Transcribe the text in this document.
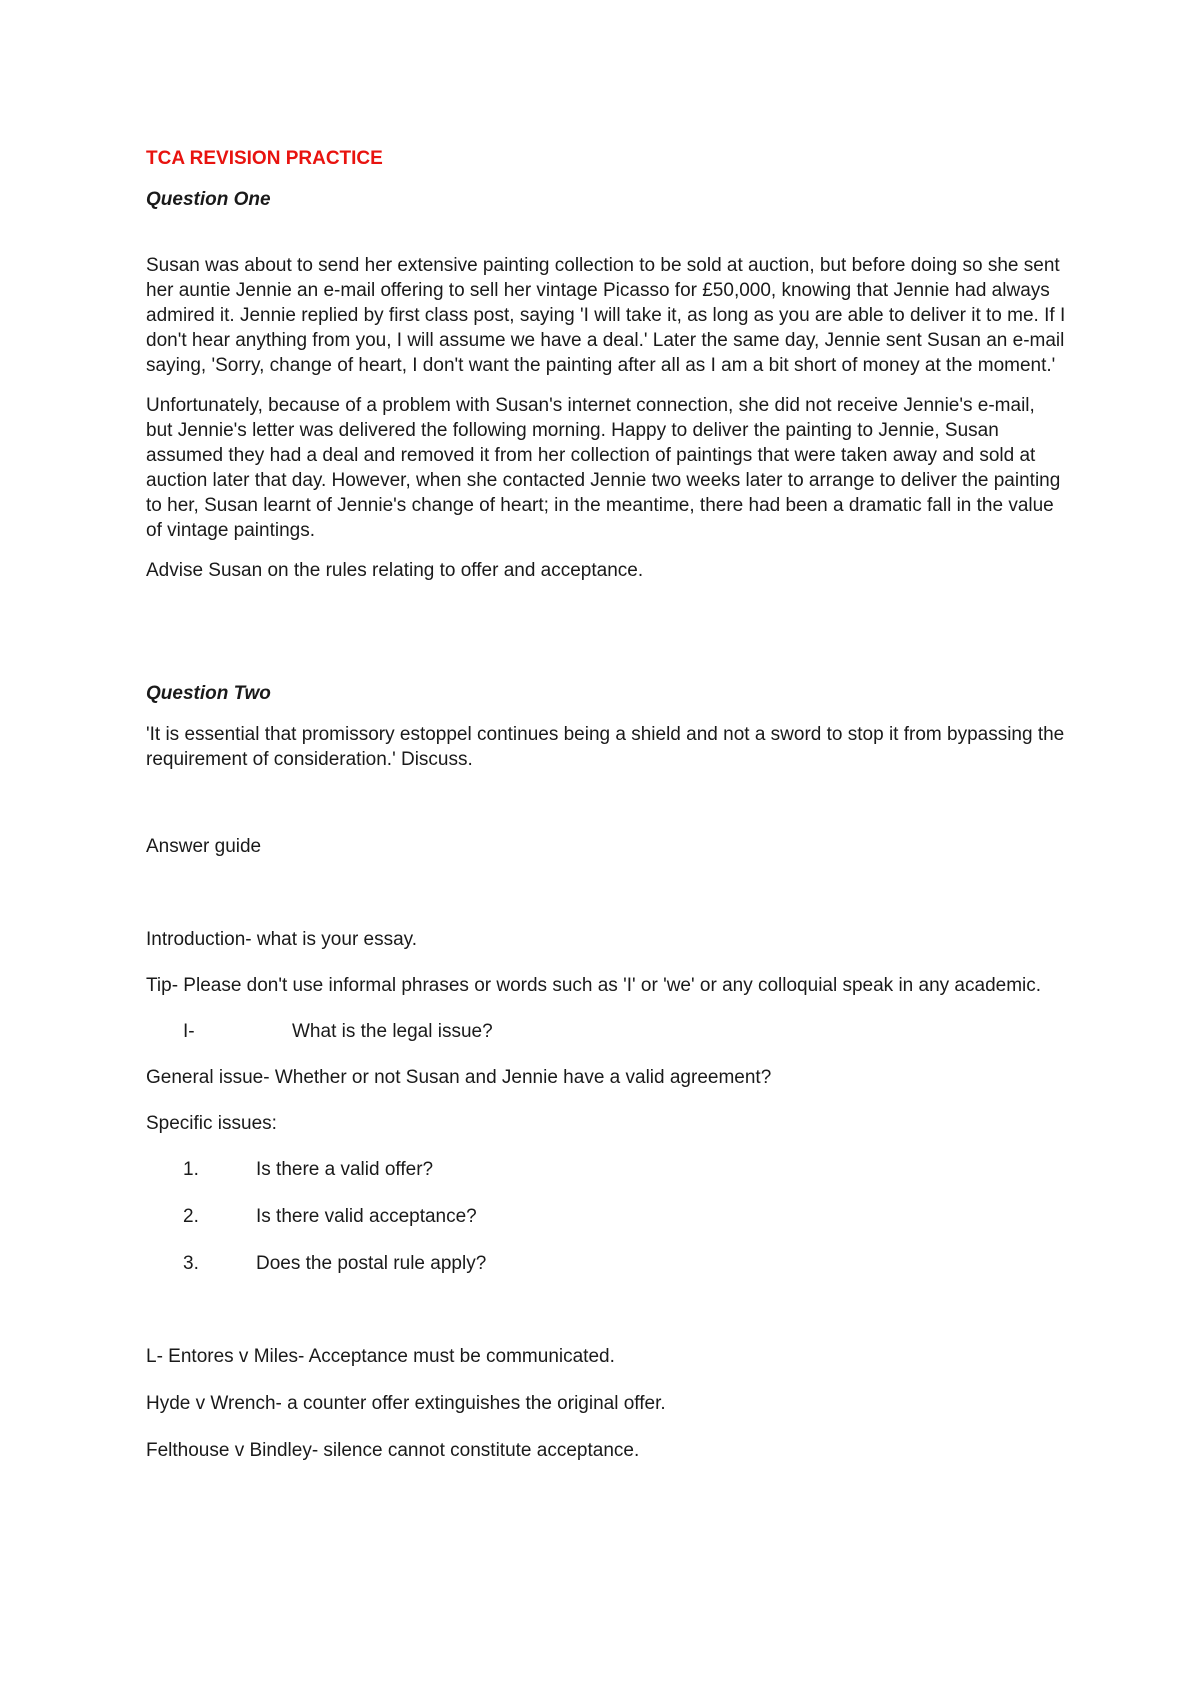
TCA REVISION PRACTICE

Question One

Susan was about to send her extensive painting collection to be sold at auction, but before doing so she sent her auntie Jennie an e-mail offering to sell her vintage Picasso for £50,000, knowing that Jennie had always admired it. Jennie replied by first class post, saying 'I will take it, as long as you are able to deliver it to me. If I don't hear anything from you, I will assume we have a deal.' Later the same day, Jennie sent Susan an e-mail saying, 'Sorry, change of heart, I don't want the painting after all as I am a bit short of money at the moment.'

Unfortunately, because of a problem with Susan's internet connection, she did not receive Jennie's e-mail, but Jennie's letter was delivered the following morning. Happy to deliver the painting to Jennie, Susan assumed they had a deal and removed it from her collection of paintings that were taken away and sold at auction later that day. However, when she contacted Jennie two weeks later to arrange to deliver the painting to her, Susan learnt of Jennie's change of heart; in the meantime, there had been a dramatic fall in the value of vintage paintings.

Advise Susan on the rules relating to offer and acceptance.

Question Two

'It is essential that promissory estoppel continues being a shield and not a sword to stop it from bypassing the requirement of consideration.' Discuss.

Answer guide

Introduction- what is your essay.

Tip- Please don't use informal phrases or words such as 'I' or 'we' or any colloquial speak in any academic.

I-	What is the legal issue?

General issue- Whether or not Susan and Jennie have a valid agreement?

Specific issues:

1.	Is there a valid offer?
2.	Is there valid acceptance?
3.	Does the postal rule apply?

L- Entores v Miles- Acceptance must be communicated.

Hyde v Wrench- a counter offer extinguishes the original offer.

Felthouse v Bindley- silence cannot constitute acceptance.
